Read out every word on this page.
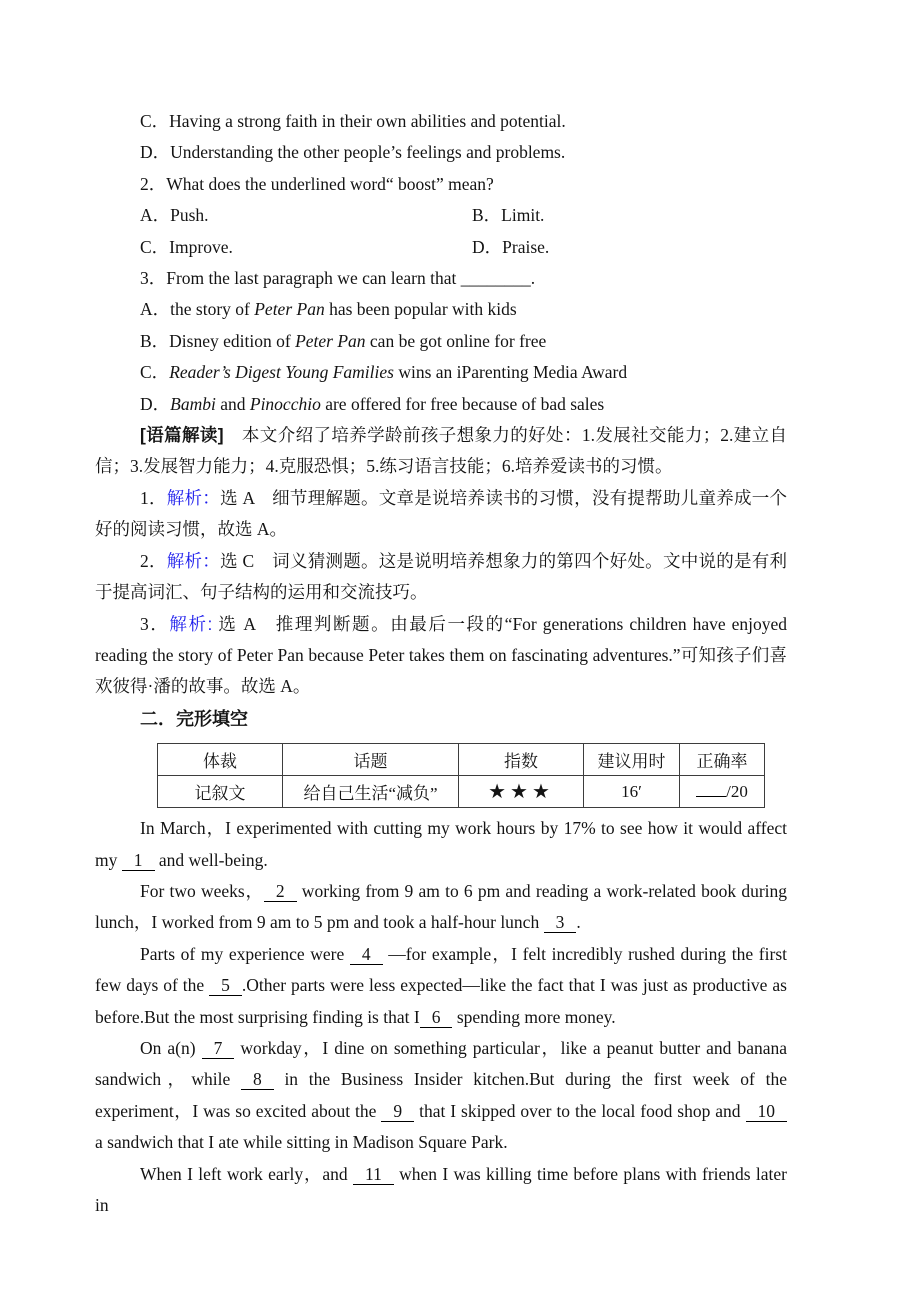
C．Having a strong faith in their own abilities and potential.
D．Understanding the other people’s feelings and problems.
2．What does the underlined word“ boost” mean?
A．Push.	B．Limit.
C．Improve.	D．Praise.
3．From the last paragraph we can learn that ________.
A．the story of Peter Pan has been popular with kids
B．Disney edition of Peter Pan can be got online for free
C．Reader’s Digest Young Families wins an iParenting Media Award
D．Bambi and Pinocchio are offered for free because of bad sales
[语篇解读]　本文介绍了培养学龄前孩子想象力的好处：1.发展社交能力；2.建立自信；3.发展智力能力；4.克服恐惧；5.练习语言技能；6.培养爱读书的习惯。
1．解析：选 A　细节理解题。文章是说培养读书的习惯，没有提帮助儿童养成一个好的阅读习惯，故选 A。
2．解析：选 C　词义猜测题。这是说明培养想象力的第四个好处。文中说的是有利于提高词汇、句子结构的运用和交流技巧。
3．解析: 选 A　推理判断题。由最后一段的“For generations children have enjoyed reading the story of Peter Pan because Peter takes them on fascinating adventures.”可知孩子们喜欢彼得·潘的故事。故选 A。
二．完形填空
体裁	话题	指数	建议用时	正确率
记叙文	给自己生活“减负”	★★★	16′	/20
In March，I experimented with cutting my work hours by 17% to see how it would affect my 1 and well-being.
For two weeks， 2 working from 9 am to 6 pm and reading a work-related book during lunch，I worked from 9 am to 5 pm and took a half-hour lunch 3 .
Parts of my experience were 4 —for example，I felt incredibly rushed during the first few days of the 5 .Other parts were less expected—like the fact that I was just as productive as before.But the most surprising finding is that I 6 spending more money.
On a(n) 7 workday，I dine on something particular，like a peanut butter and banana sandwich，while 8 in the Business Insider kitchen.But during the first week of the experiment，I was so excited about the 9 that I skipped over to the local food shop and 10 a sandwich that I ate while sitting in Madison Square Park.
When I left work early，and 11 when I was killing time before plans with friends later in
